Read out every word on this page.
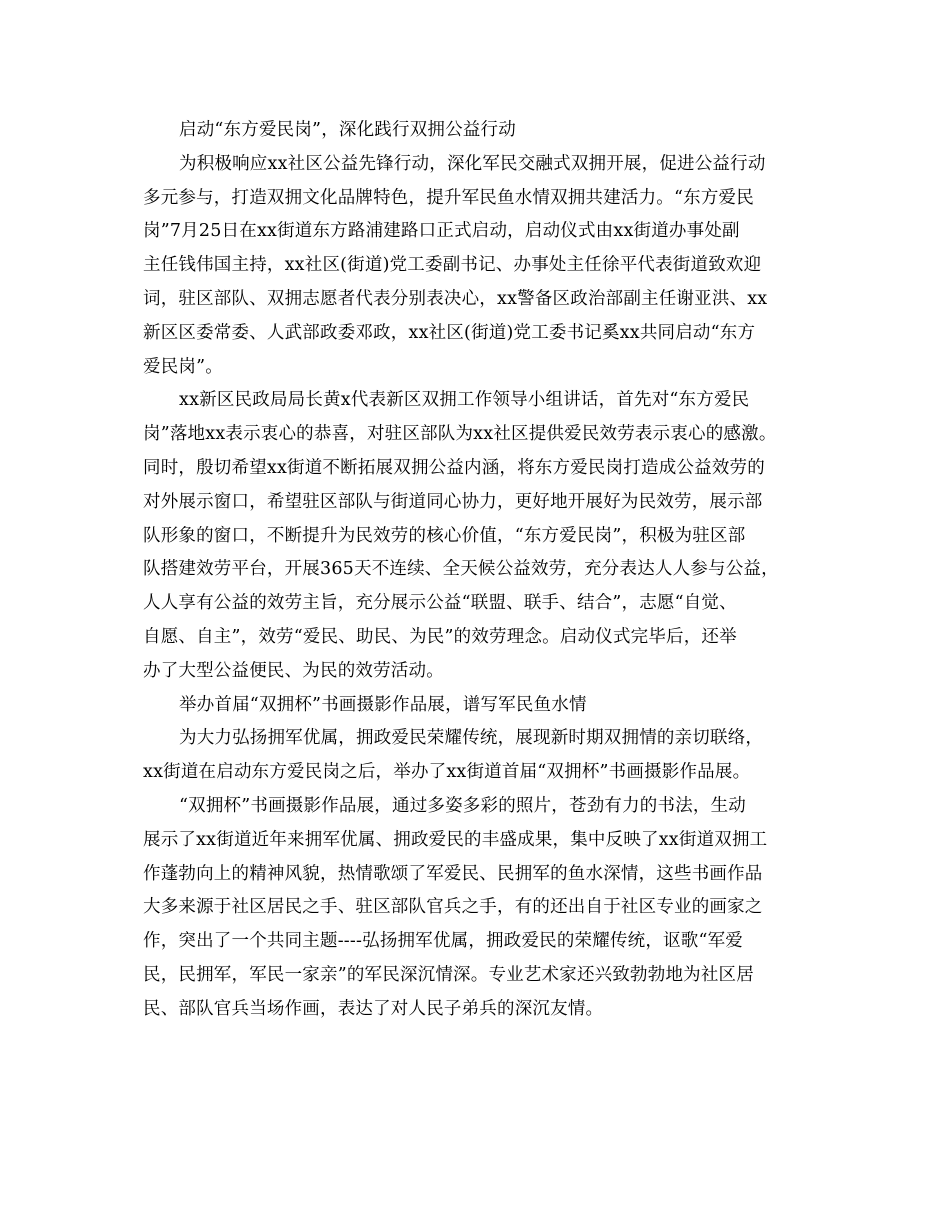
启动“东方爱民岗”，深化践行双拥公益行动
为积极响应xx社区公益先锋行动，深化军民交融式双拥开展，促进公益行动
多元参与，打造双拥文化品牌特色，提升军民鱼水情双拥共建活力。“东方爱民
岗”7月25日在xx街道东方路浦建路口正式启动，启动仪式由xx街道办事处副
主任钱伟国主持，xx社区(街道)党工委副书记、办事处主任徐平代表街道致欢迎
词，驻区部队、双拥志愿者代表分别表决心，xx警备区政治部副主任谢亚洪、xx
新区区委常委、人武部政委邓政，xx社区(街道)党工委书记奚xx共同启动“东方
爱民岗”。
xx新区民政局局长黄x代表新区双拥工作领导小组讲话，首先对“东方爱民
岗”落地xx表示衷心的恭喜，对驻区部队为xx社区提供爱民效劳表示衷心的感激。
同时，殷切希望xx街道不断拓展双拥公益内涵，将东方爱民岗打造成公益效劳的
对外展示窗口，希望驻区部队与街道同心协力，更好地开展好为民效劳，展示部
队形象的窗口，不断提升为民效劳的核心价值，“东方爱民岗”，积极为驻区部
队搭建效劳平台，开展365天不连续、全天候公益效劳，充分表达人人参与公益，
人人享有公益的效劳主旨，充分展示公益“联盟、联手、结合”，志愿“自觉、
自愿、自主”，效劳“爱民、助民、为民”的效劳理念。启动仪式完毕后，还举
办了大型公益便民、为民的效劳活动。
举办首届“双拥杯”书画摄影作品展，谱写军民鱼水情
为大力弘扬拥军优属，拥政爱民荣耀传统，展现新时期双拥情的亲切联络，
xx街道在启动东方爱民岗之后，举办了xx街道首届“双拥杯”书画摄影作品展。
“双拥杯”书画摄影作品展，通过多姿多彩的照片，苍劲有力的书法，生动
展示了xx街道近年来拥军优属、拥政爱民的丰盛成果，集中反映了xx街道双拥工
作蓬勃向上的精神风貌，热情歌颂了军爱民、民拥军的鱼水深情，这些书画作品
大多来源于社区居民之手、驻区部队官兵之手，有的还出自于社区专业的画家之
作，突出了一个共同主题----弘扬拥军优属，拥政爱民的荣耀传统，讴歌“军爱
民，民拥军，军民一家亲”的军民深沉情深。专业艺术家还兴致勃勃地为社区居
民、部队官兵当场作画，表达了对人民子弟兵的深沉友情。
